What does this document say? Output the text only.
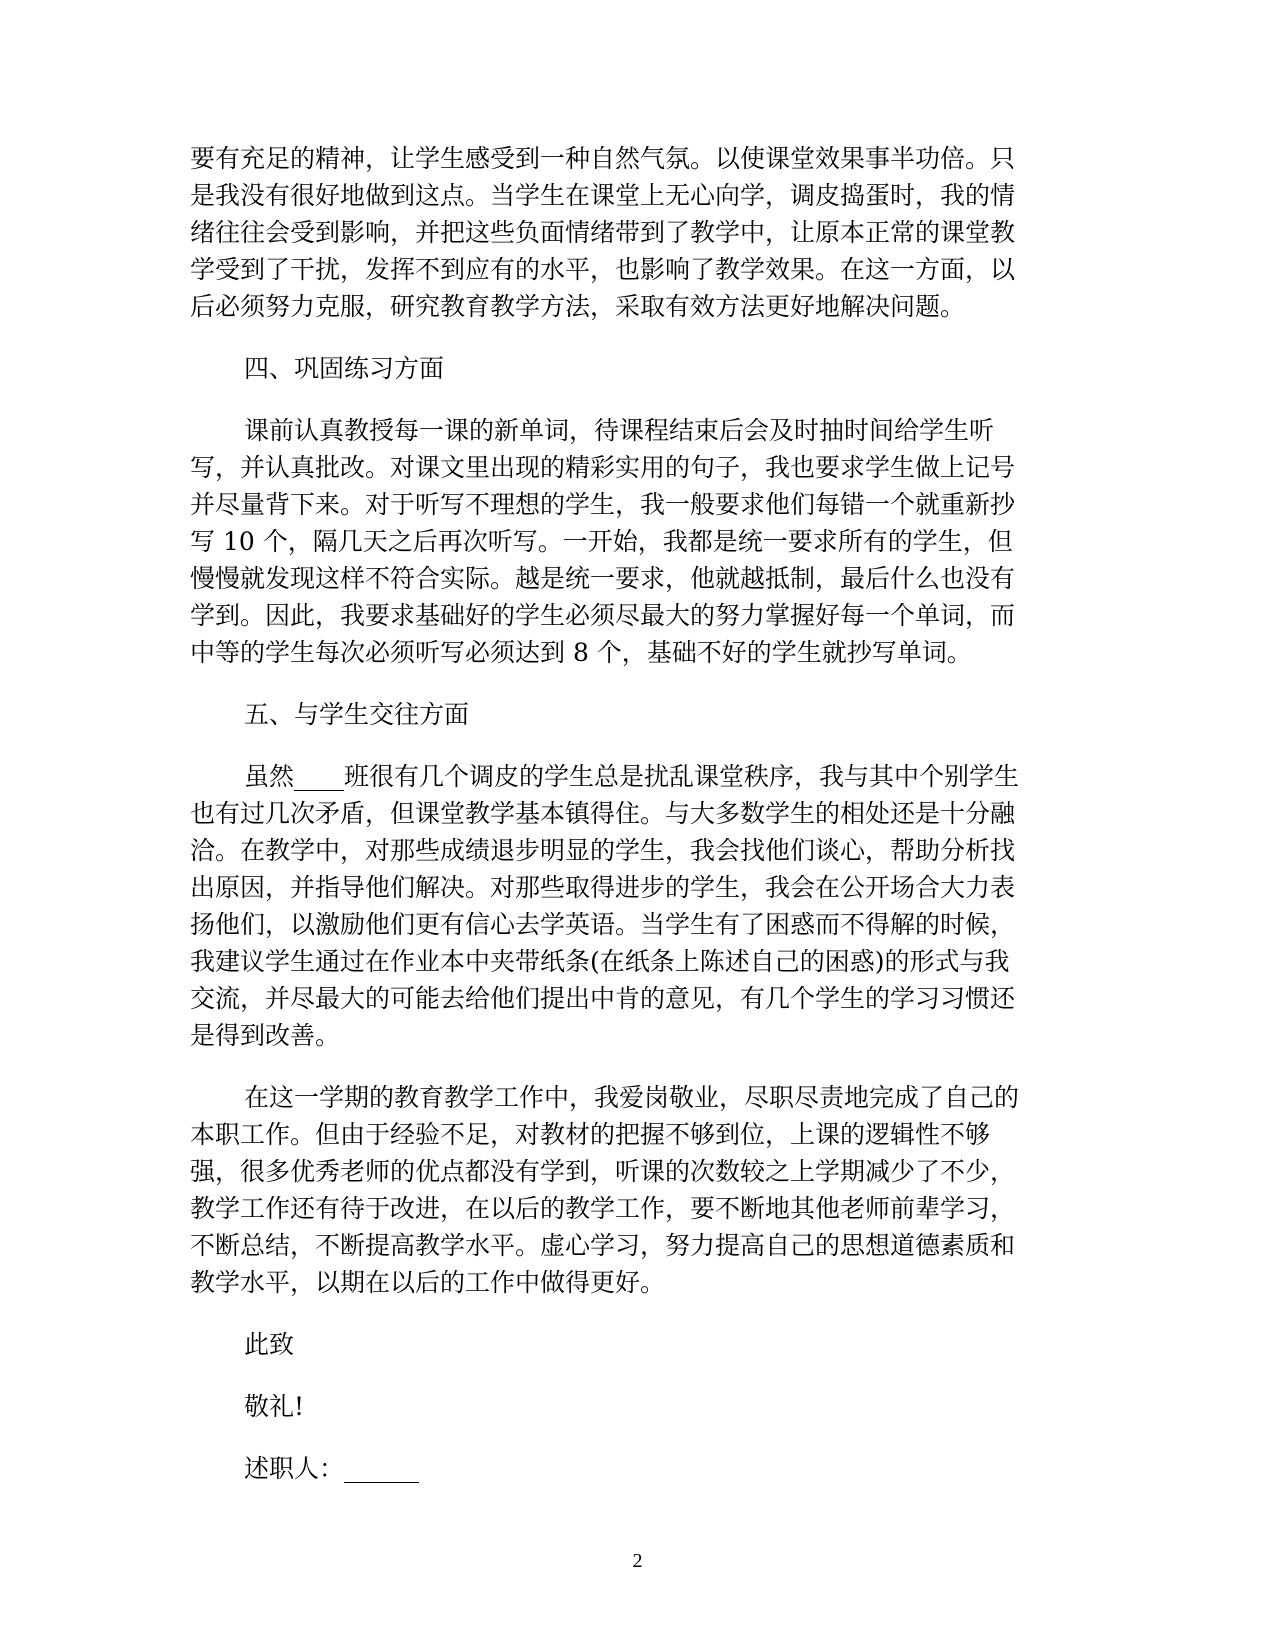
要有充足的精神，让学生感受到一种自然气氛。以使课堂效果事半功倍。只
是我没有很好地做到这点。当学生在课堂上无心向学，调皮捣蛋时，我的情
绪往往会受到影响，并把这些负面情绪带到了教学中，让原本正常的课堂教
学受到了干扰，发挥不到应有的水平，也影响了教学效果。在这一方面，以
后必须努力克服，研究教育教学方法，采取有效方法更好地解决问题。
四、巩固练习方面
课前认真教授每一课的新单词，待课程结束后会及时抽时间给学生听
写，并认真批改。对课文里出现的精彩实用的句子，我也要求学生做上记号
并尽量背下来。对于听写不理想的学生，我一般要求他们每错一个就重新抄
写 10 个，隔几天之后再次听写。一开始，我都是统一要求所有的学生，但
慢慢就发现这样不符合实际。越是统一要求，他就越抵制，最后什么也没有
学到。因此，我要求基础好的学生必须尽最大的努力掌握好每一个单词，而
中等的学生每次必须听写必须达到 8 个，基础不好的学生就抄写单词。
五、与学生交往方面
虽然____班很有几个调皮的学生总是扰乱课堂秩序，我与其中个别学生
也有过几次矛盾，但课堂教学基本镇得住。与大多数学生的相处还是十分融
洽。在教学中，对那些成绩退步明显的学生，我会找他们谈心，帮助分析找
出原因，并指导他们解决。对那些取得进步的学生，我会在公开场合大力表
扬他们，以激励他们更有信心去学英语。当学生有了困惑而不得解的时候，
我建议学生通过在作业本中夹带纸条(在纸条上陈述自己的困惑)的形式与我
交流，并尽最大的可能去给他们提出中肯的意见，有几个学生的学习习惯还
是得到改善。
在这一学期的教育教学工作中，我爱岗敬业，尽职尽责地完成了自己的
本职工作。但由于经验不足，对教材的把握不够到位，上课的逻辑性不够
强，很多优秀老师的优点都没有学到，听课的次数较之上学期减少了不少，
教学工作还有待于改进，在以后的教学工作，要不断地其他老师前辈学习，
不断总结，不断提高教学水平。虚心学习，努力提高自己的思想道德素质和
教学水平，以期在以后的工作中做得更好。
此致
敬礼!
述职人：______
2
